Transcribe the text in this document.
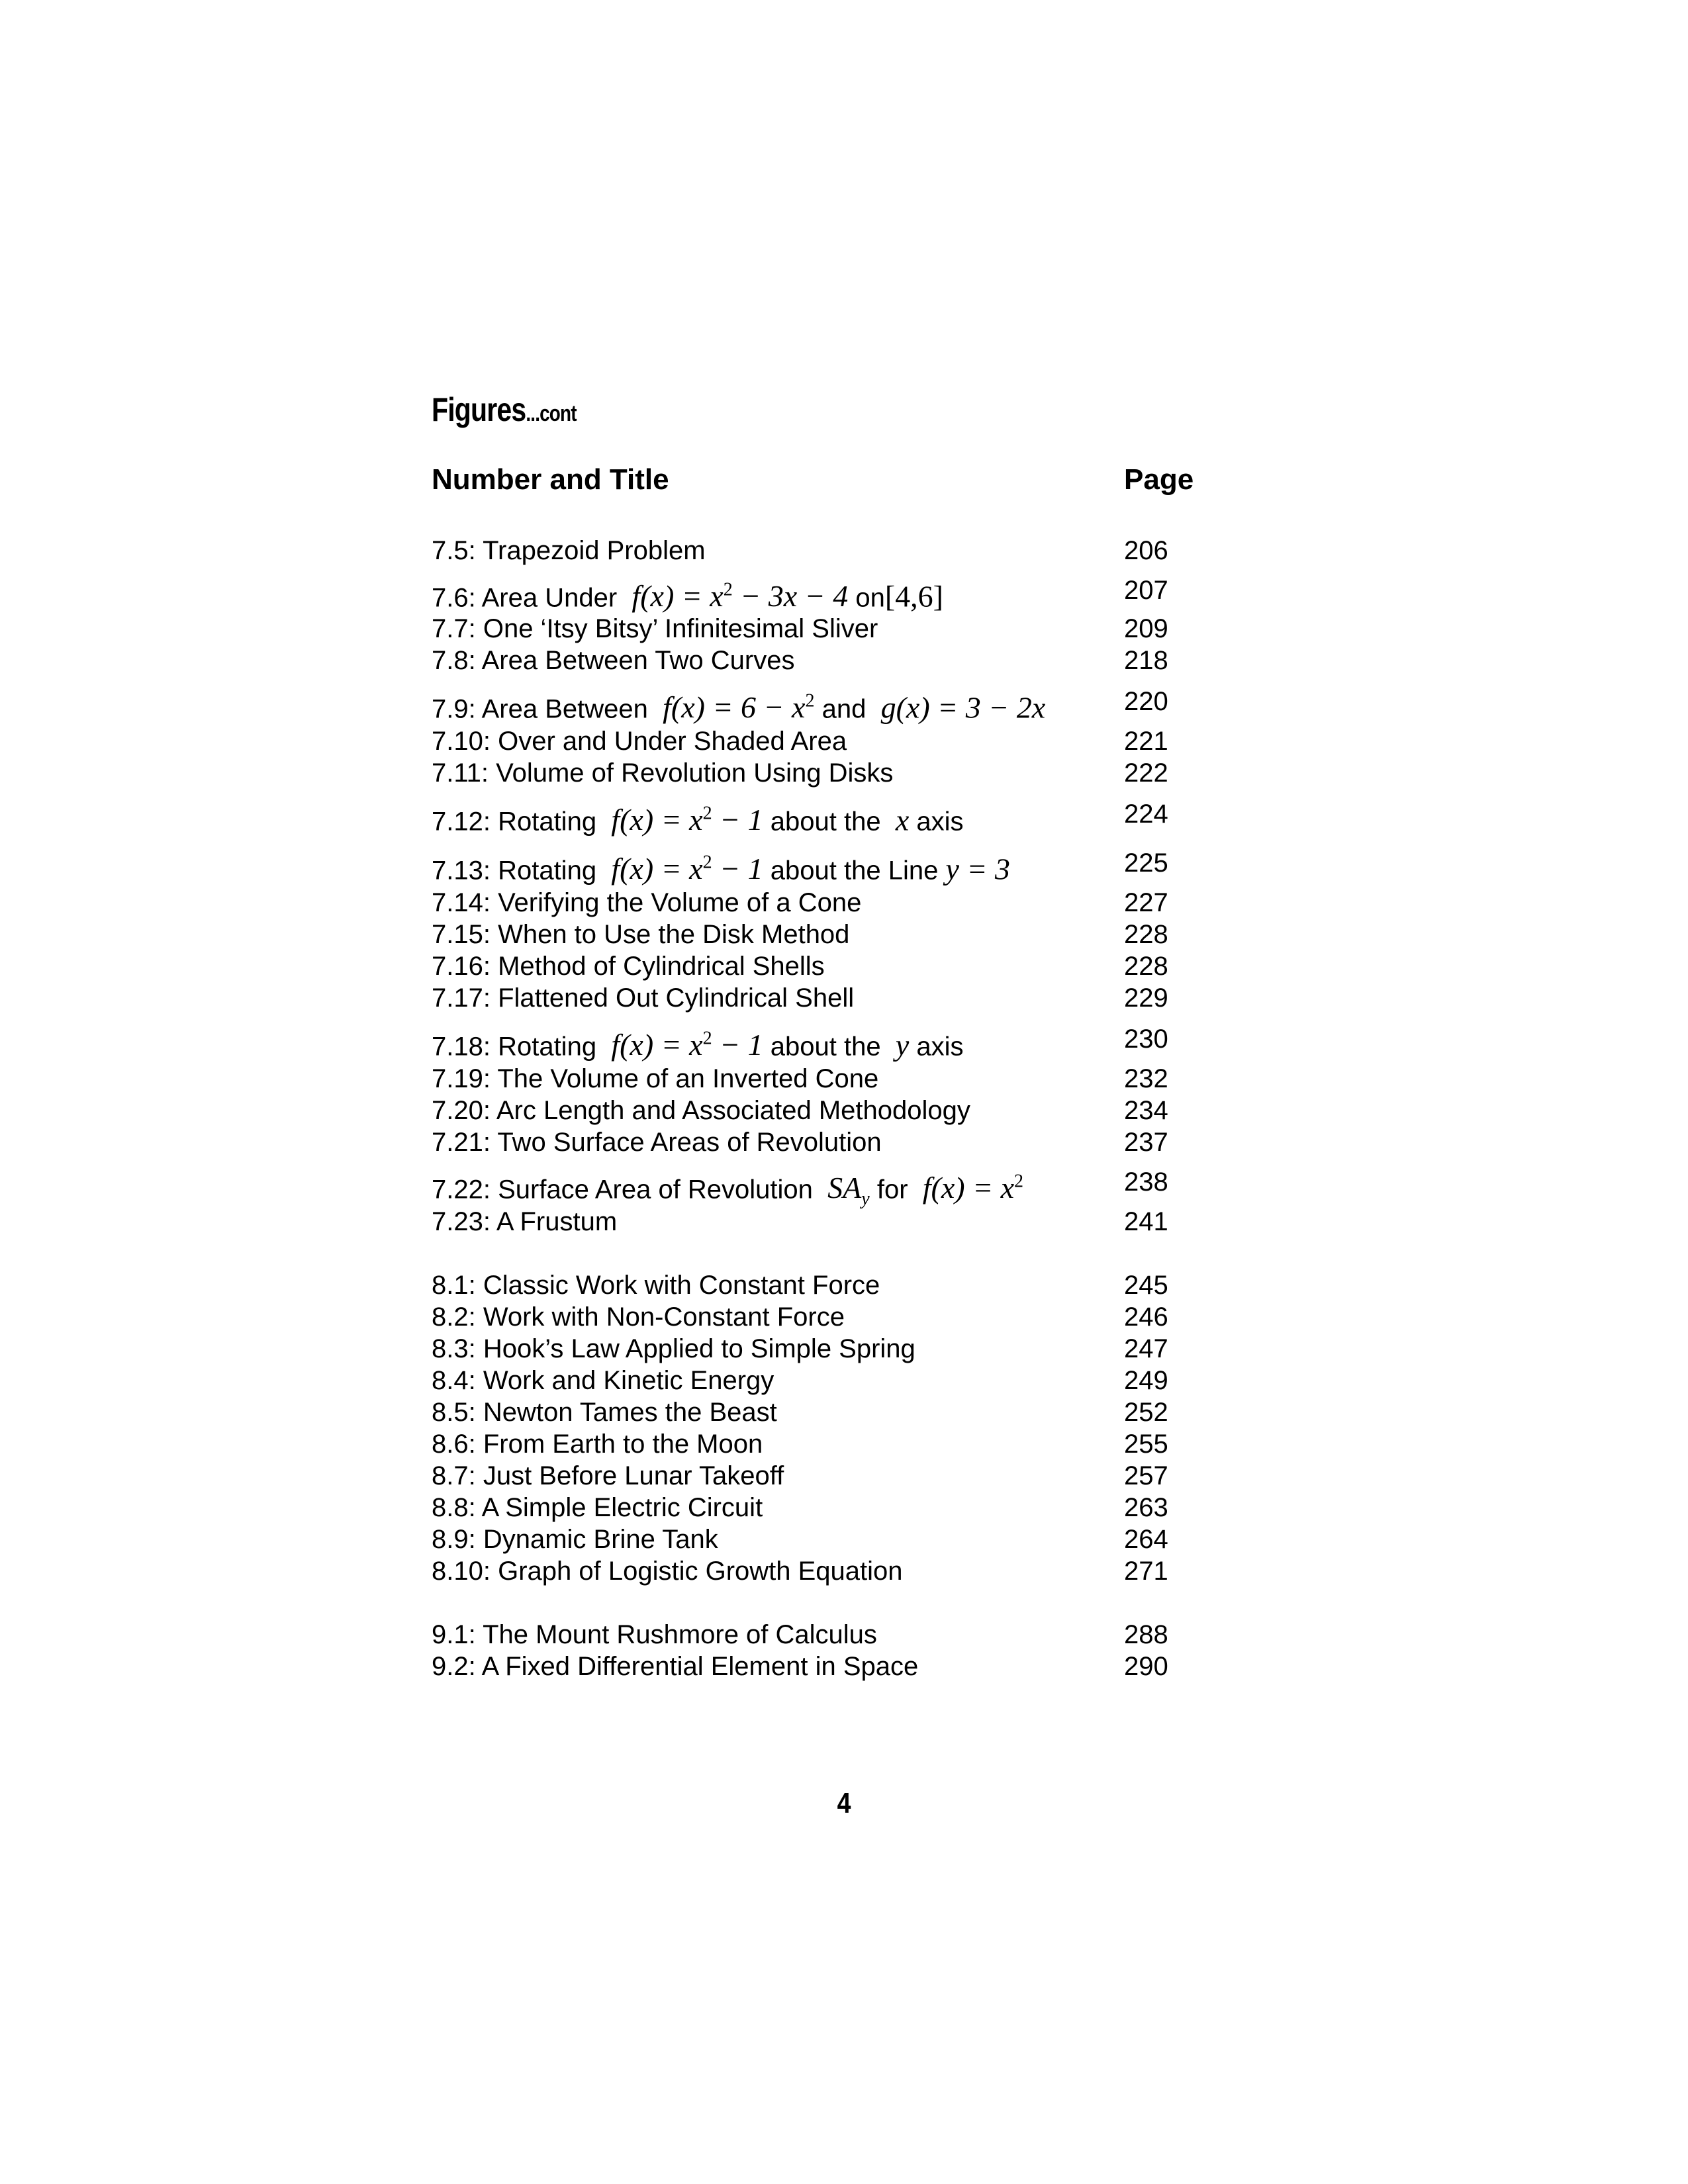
Figures...cont
Number and Title	Page
7.5: Trapezoid Problem	206
7.6: Area Under $f(x) = x^2 - 3x - 4$ on[4,6]	207
7.7: One ‘Itsy Bitsy’ Infinitesimal Sliver	209
7.8: Area Between Two Curves	218
7.9: Area Between $f(x) = 6 - x^2$ and g(x) = 3 − 2x	220
7.10: Over and Under Shaded Area	221
7.11: Volume of Revolution Using Disks	222
7.12: Rotating $f(x) = x^2 - 1$ about the x axis	224
7.13: Rotating $f(x) = x^2 - 1$ about the Line y = 3	225
7.14: Verifying the Volume of a Cone	227
7.15: When to Use the Disk Method	228
7.16: Method of Cylindrical Shells	228
7.17: Flattened Out Cylindrical Shell	229
7.18: Rotating $f(x) = x^2 - 1$ about the y axis	230
7.19: The Volume of an Inverted Cone	232
7.20: Arc Length and Associated Methodology	234
7.21: Two Surface Areas of Revolution	237
7.22: Surface Area of Revolution $SA_y$ for $f(x) = x^2$	238
7.23: A Frustum	241
8.1: Classic Work with Constant Force	245
8.2: Work with Non-Constant Force	246
8.3: Hook’s Law Applied to Simple Spring	247
8.4: Work and Kinetic Energy	249
8.5: Newton Tames the Beast	252
8.6: From Earth to the Moon	255
8.7: Just Before Lunar Takeoff	257
8.8: A Simple Electric Circuit	263
8.9: Dynamic Brine Tank	264
8.10: Graph of Logistic Growth Equation	271
9.1: The Mount Rushmore of Calculus	288
9.2: A Fixed Differential Element in Space	290
4
